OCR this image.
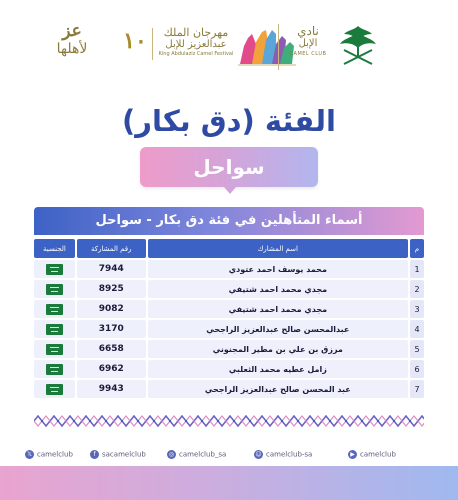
عز
لأهلها	١٠	مهرجان الملك
عبدالعزيز للإبل
King Abdulaziz Camel Festival
نادي
الإبل
CAMEL CLUB
الفئة (دق بكار)
سواحل
أسماء المتأهلين في فئة دق بكار - سواحل
م	اسم المشارك	رقم المشاركة	الجنسية
1	محمد يوسف احمد عتودي	7944	
2	مجدي محمد احمد شتيفي	8925	
3	مجدي محمد احمد شتيفي	9082	
4	عبدالمحسن صالح عبدالعزيز الراجحي	3170	
5	مرزق بن علي بن مطير المجنوني	6658	
6	زامل عطيه محمد الثعلبي	6962	
7	عبد المحسن صالح عبدالعزيز الراجحي	9943	
𝕏 camelclub	f sacamelclub	◎ camelclub_sa	☺ camelclub-sa	▶ camelclub
